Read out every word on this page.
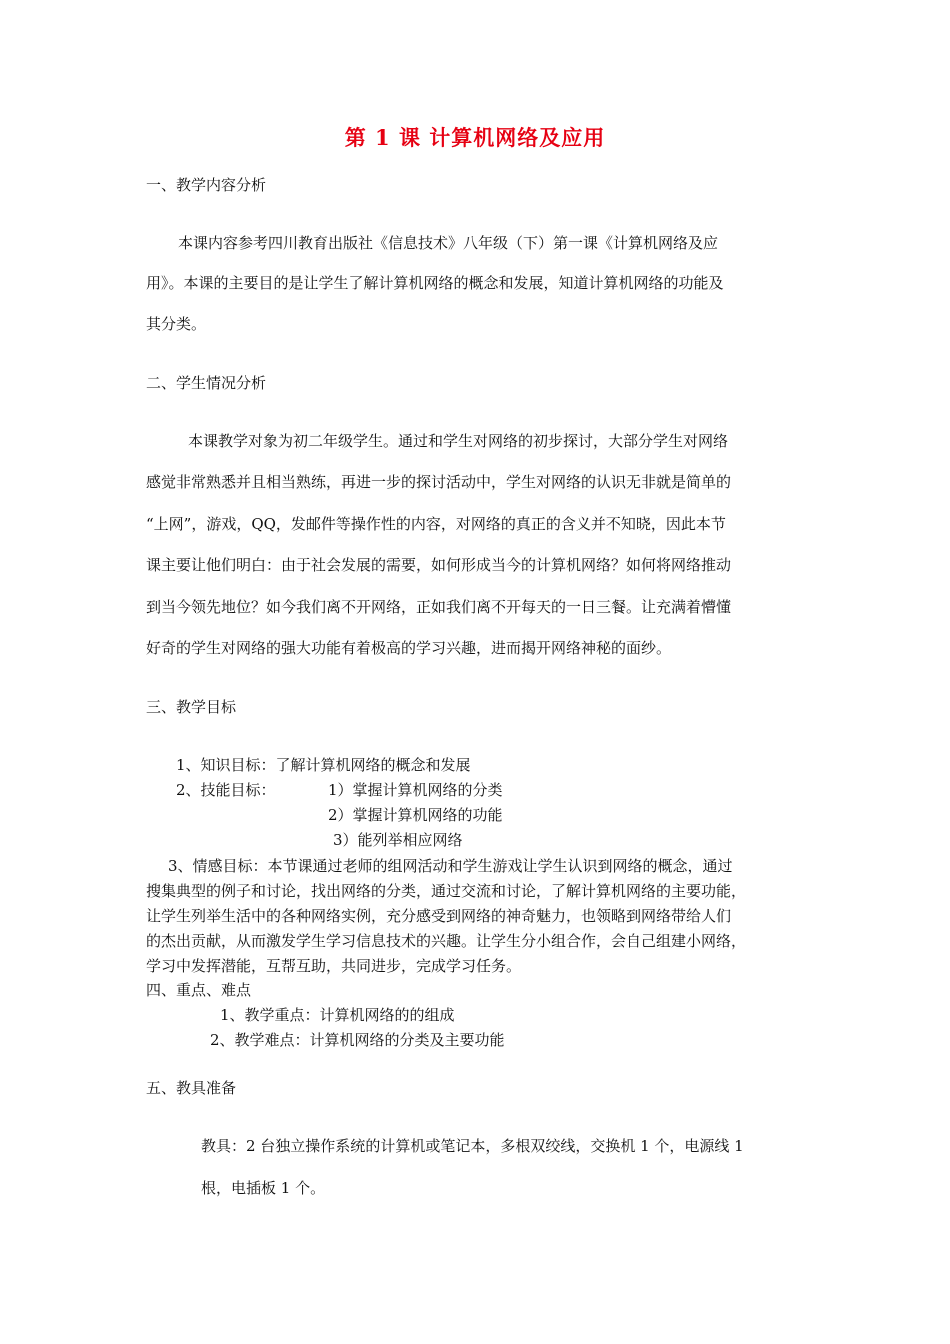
第 1 课 计算机网络及应用
一、教学内容分析
本课内容参考四川教育出版社《信息技术》八年级（下）第一课《计算机网络及应
用》。本课的主要目的是让学生了解计算机网络的概念和发展，知道计算机网络的功能及
其分类。
二、学生情况分析
本课教学对象为初二年级学生。通过和学生对网络的初步探讨，大部分学生对网络
感觉非常熟悉并且相当熟练，再进一步的探讨活动中，学生对网络的认识无非就是简单的
“上网”，游戏，QQ，发邮件等操作性的内容，对网络的真正的含义并不知晓，因此本节
课主要让他们明白：由于社会发展的需要，如何形成当今的计算机网络？如何将网络推动
到当今领先地位？如今我们离不开网络，正如我们离不开每天的一日三餐。让充满着懵懂
好奇的学生对网络的强大功能有着极高的学习兴趣，进而揭开网络神秘的面纱。
三、教学目标
1、知识目标：了解计算机网络的概念和发展
2、技能目标：	1）掌握计算机网络的分类
2）掌握计算机网络的功能
3）能列举相应网络
3、情感目标：本节课通过老师的组网活动和学生游戏让学生认识到网络的概念，通过
搜集典型的例子和讨论，找出网络的分类，通过交流和讨论，了解计算机网络的主要功能，
让学生列举生活中的各种网络实例，充分感受到网络的神奇魅力，也领略到网络带给人们
的杰出贡献，从而激发学生学习信息技术的兴趣。让学生分小组合作，会自己组建小网络，
学习中发挥潜能，互帮互助，共同进步，完成学习任务。
四、重点、难点
1、教学重点：计算机网络的的组成
2、教学难点：计算机网络的分类及主要功能
五、教具准备
教具：2 台独立操作系统的计算机或笔记本，多根双绞线，交换机 1 个，电源线 1
根，电插板 1 个。
